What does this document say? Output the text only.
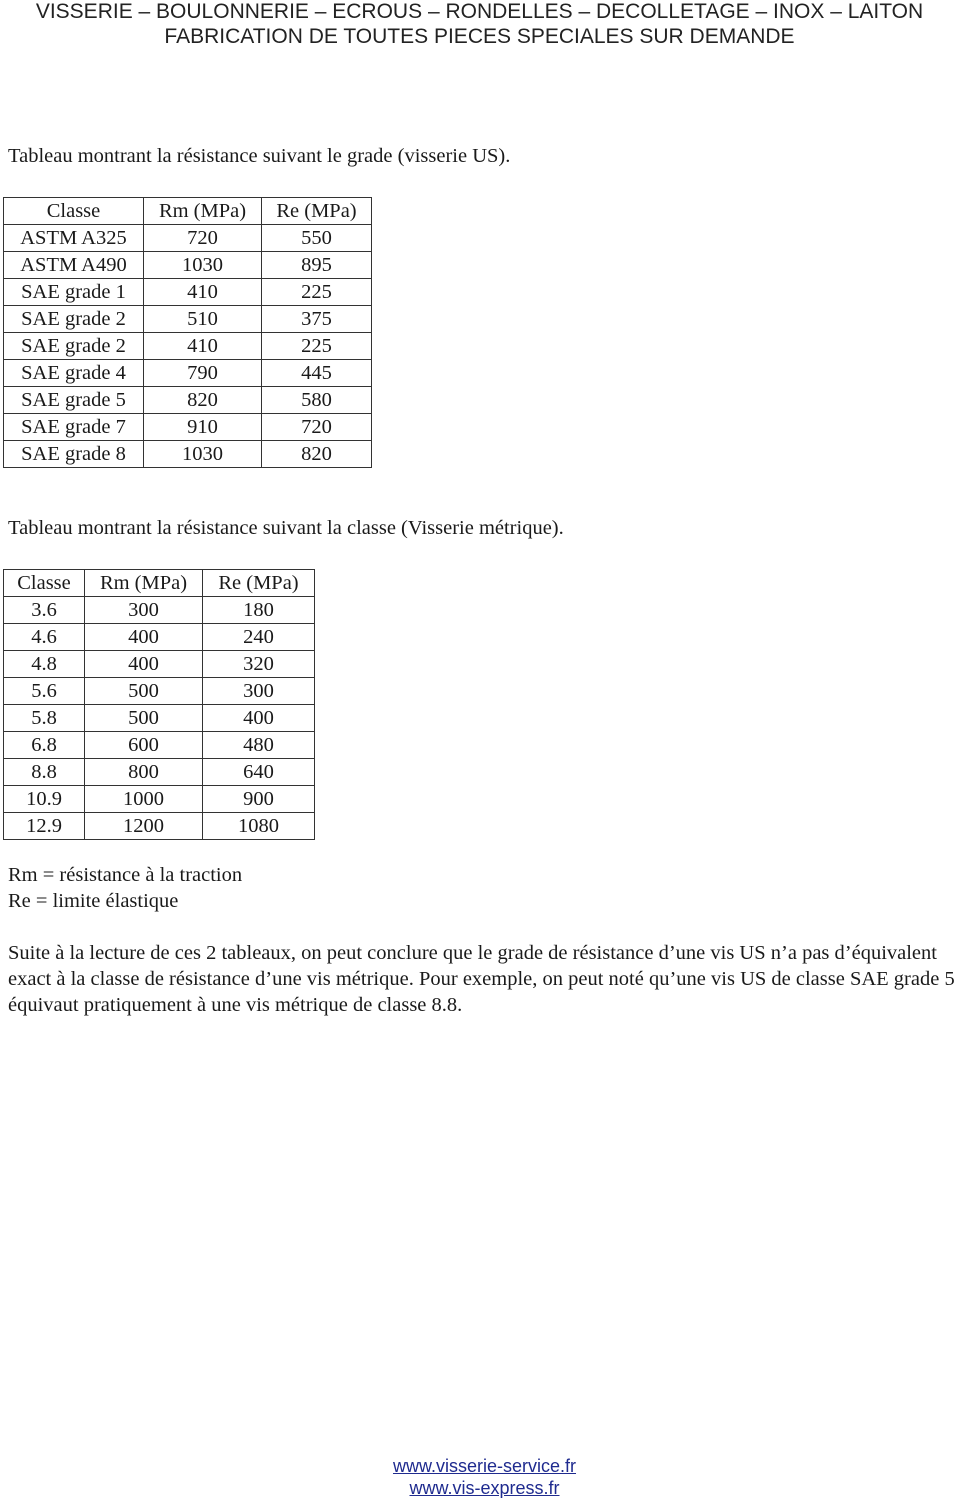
VISSERIE – BOULONNERIE – ECROUS – RONDELLES – DECOLLETAGE – INOX – LAITON
FABRICATION DE TOUTES PIECES SPECIALES SUR DEMANDE
Tableau montrant la résistance suivant le grade (visserie US).
Classe	Rm (MPa)	Re (MPa)
ASTM A325	720	550
ASTM A490	1030	895
SAE grade 1	410	225
SAE grade 2	510	375
SAE grade 2	410	225
SAE grade 4	790	445
SAE grade 5	820	580
SAE grade 7	910	720
SAE grade 8	1030	820
Tableau montrant la résistance suivant la classe (Visserie métrique).
Classe	Rm (MPa)	Re (MPa)
3.6	300	180
4.6	400	240
4.8	400	320
5.6	500	300
5.8	500	400
6.8	600	480
8.8	800	640
10.9	1000	900
12.9	1200	1080
Rm = résistance à la traction
Re = limite élastique
Suite à la lecture de ces 2 tableaux, on peut conclure que le grade de résistance d’une vis US n’a pas d’équivalent exact à la classe de résistance d’une vis métrique. Pour exemple, on peut noté qu’une vis US de classe SAE grade 5 équivaut pratiquement à une vis métrique de classe 8.8.
www.visserie-service.fr
www.vis-express.fr
